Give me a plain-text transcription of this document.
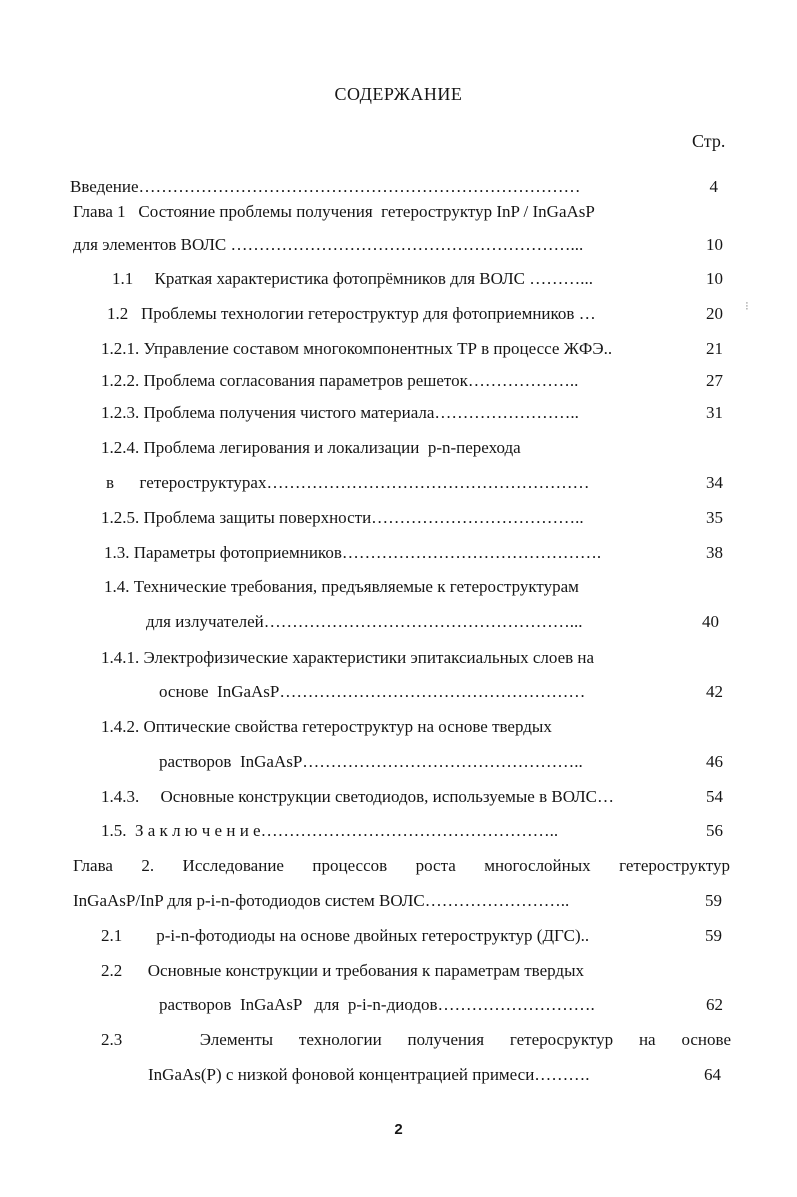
СОДЕРЖАНИЕ
Стр.
Введение……………………………………………………………………	4
Глава 1   Состояние проблемы получения  гетероструктур InP / InGaAsP
для элементов ВОЛС ……………………………………………………...	10
1.1     Краткая характеристика фотопрёмников для ВОЛС ………...	10
1.2   Проблемы технологии гетероструктур для фотоприемников …	20
1.2.1. Управление составом многокомпонентных ТР в процессе ЖФЭ..	21
1.2.2. Проблема согласования параметров решеток………………..	27
1.2.3. Проблема получения чистого материала……………………..	31
1.2.4. Проблема легирования и локализации  р-n-перехода
в      гетероструктурах…………………………………………………	34
1.2.5. Проблема защиты поверхности………………………………..	35
1.3. Параметры фотоприемников……………………………………….	38
1.4. Технические требования, предъявляемые к гетероструктурам
для излучателей………………………………………………...	40
1.4.1. Электрофизические характеристики эпитаксиальных слоев на
основе  InGaAsP………………………………………………	42
1.4.2. Оптические свойства гетероструктур на основе твердых
растворов  InGaAsP…………………………………………..	46
1.4.3.     Основные конструкции светодиодов, используемые в ВОЛС…	54
1.5.  З а к л ю ч е н и е……………………………………………..	56
Глава 2. Исследование процессов роста многослойных гетероструктур
InGaAsP/InP для p-i-n-фотодиодов систем ВОЛС……………………..	59
2.1        p-i-n-фотодиоды на основе двойных гетероструктур (ДГС)..	59
2.2      Основные конструкции и требования к параметрам твердых
растворов  InGaAsP   для  p-i-n-диодов……………………….	62
2.3      Элементы  технологии  получения  гетеросруктур  на  основе
InGaAs(P) с низкой фоновой концентрацией примеси……….	64
⁝
2
